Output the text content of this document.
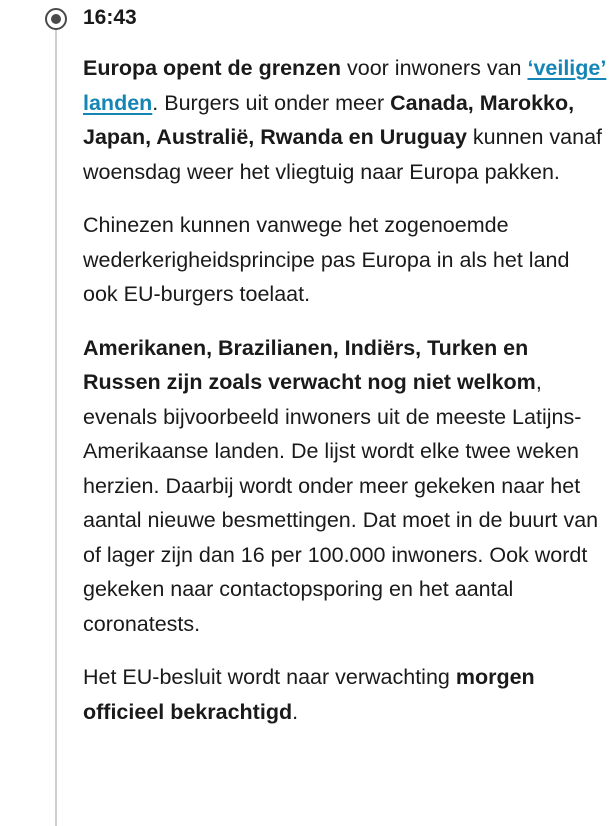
16:43

Europa opent de grenzen voor inwoners van ‘veilige’ landen. Burgers uit onder meer Canada, Marokko, Japan, Australië, Rwanda en Uruguay kunnen vanaf woensdag weer het vliegtuig naar Europa pakken.

Chinezen kunnen vanwege het zogenoemde wederkerigheidsprincipe pas Europa in als het land ook EU-burgers toelaat.

Amerikanen, Brazilianen, Indiërs, Turken en Russen zijn zoals verwacht nog niet welkom, evenals bijvoorbeeld inwoners uit de meeste Latijns-Amerikaanse landen. De lijst wordt elke twee weken herzien. Daarbij wordt onder meer gekeken naar het aantal nieuwe besmettingen. Dat moet in de buurt van of lager zijn dan 16 per 100.000 inwoners. Ook wordt gekeken naar contactopsporing en het aantal coronatests.

Het EU-besluit wordt naar verwachting morgen officieel bekrachtigd.
